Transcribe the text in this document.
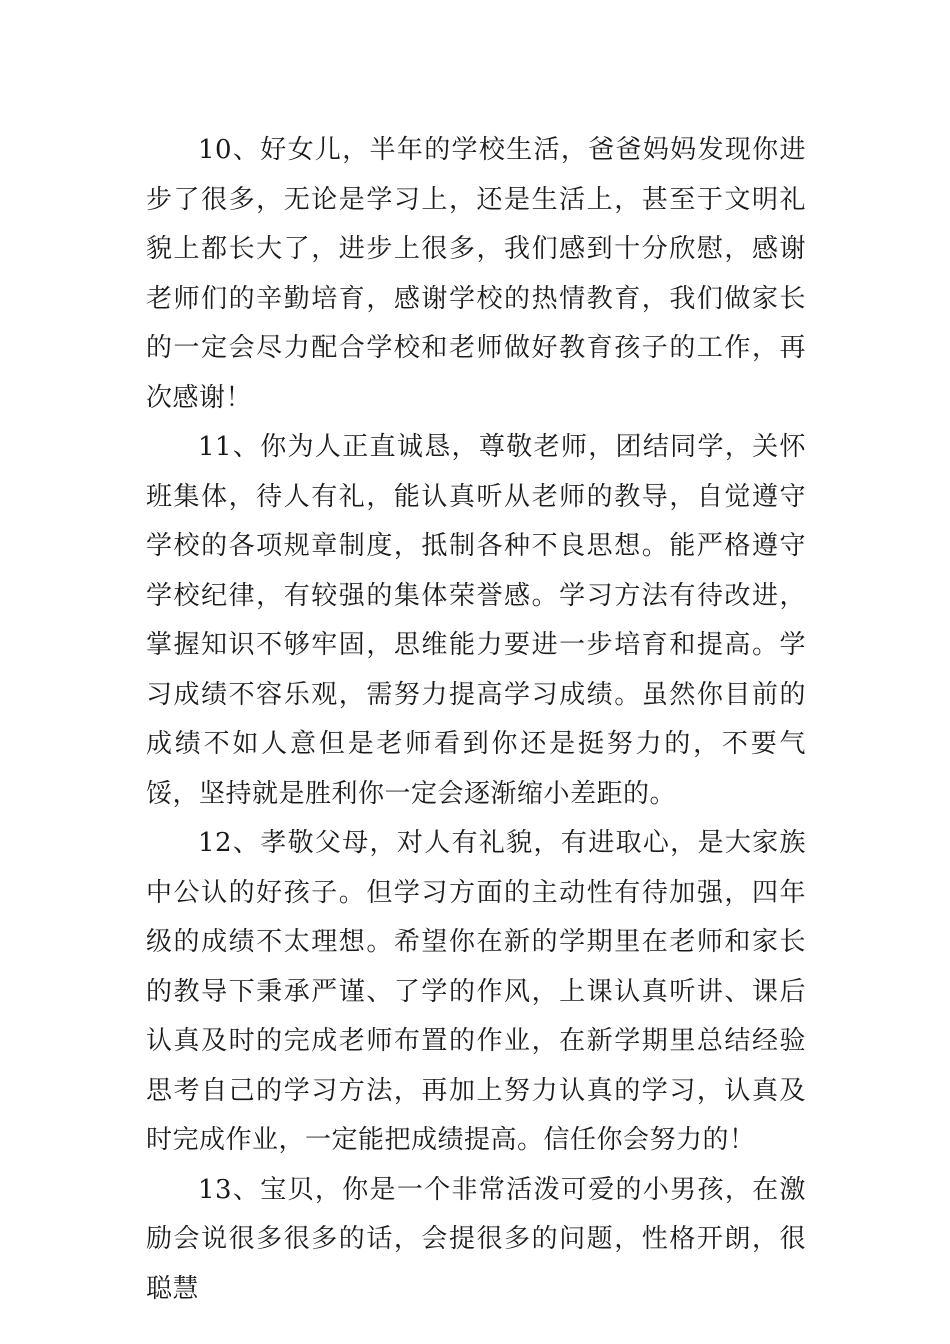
10、好女儿，半年的学校生活，爸爸妈妈发现你进步了很多，无论是学习上，还是生活上，甚至于文明礼貌上都长大了，进步上很多，我们感到十分欣慰，感谢老师们的辛勤培育，感谢学校的热情教育，我们做家长的一定会尽力配合学校和老师做好教育孩子的工作，再次感谢！

11、你为人正直诚恳，尊敬老师，团结同学，关怀班集体，待人有礼，能认真听从老师的教导，自觉遵守学校的各项规章制度，抵制各种不良思想。能严格遵守学校纪律，有较强的集体荣誉感。学习方法有待改进，掌握知识不够牢固，思维能力要进一步培育和提高。学习成绩不容乐观，需努力提高学习成绩。虽然你目前的成绩不如人意但是老师看到你还是挺努力的，不要气馁，坚持就是胜利你一定会逐渐缩小差距的。

12、孝敬父母，对人有礼貌，有进取心，是大家族中公认的好孩子。但学习方面的主动性有待加强，四年级的成绩不太理想。希望你在新的学期里在老师和家长的教导下秉承严谨、了学的作风，上课认真听讲、课后认真及时的完成老师布置的作业，在新学期里总结经验思考自己的学习方法，再加上努力认真的学习，认真及时完成作业，一定能把成绩提高。信任你会努力的！

13、宝贝，你是一个非常活泼可爱的小男孩，在激励会说很多很多的话，会提很多的问题，性格开朗，很聪慧
